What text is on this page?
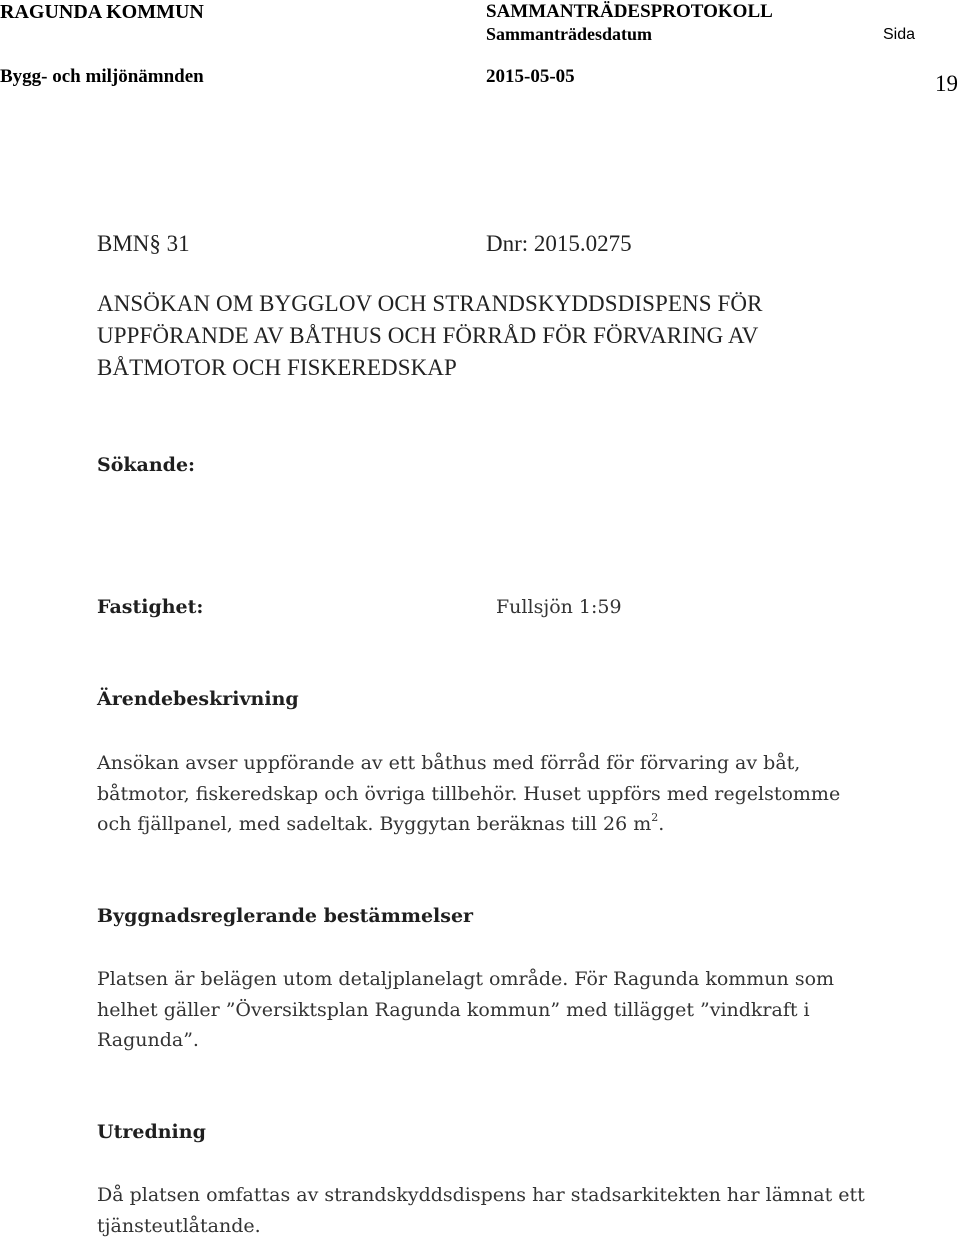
RAGUNDA KOMMUN	SAMMANTRÄDESPROTOKOLL
Sammanträdesdatum	Sida
Bygg- och miljönämnden	2015-05-05	19
BMN§ 31	Dnr: 2015.0275
ANSÖKAN OM BYGGLOV OCH STRANDSKYDDSDISPENS FÖR
UPPFÖRANDE AV BÅTHUS OCH FÖRRÅD FÖR FÖRVARING AV
BÅTMOTOR OCH FISKEREDSKAP
Sökande:
Fastighet:	Fullsjön 1:59
Ärendebeskrivning
Ansökan avser uppförande av ett båthus med förråd för förvaring av båt,
båtmotor, fiskeredskap och övriga tillbehör. Huset uppförs med regelstomme
och fjällpanel, med sadeltak. Byggytan beräknas till 26 $m^2$.
Byggnadsreglerande bestämmelser
Platsen är belägen utom detaljplanelagt område. För Ragunda kommun som
helhet gäller ”Översiktsplan Ragunda kommun” med tillägget ”vindkraft i
Ragunda”.
Utredning
Då platsen omfattas av strandskyddsdispens har stadsarkitekten har lämnat ett
tjänsteutlåtande.
